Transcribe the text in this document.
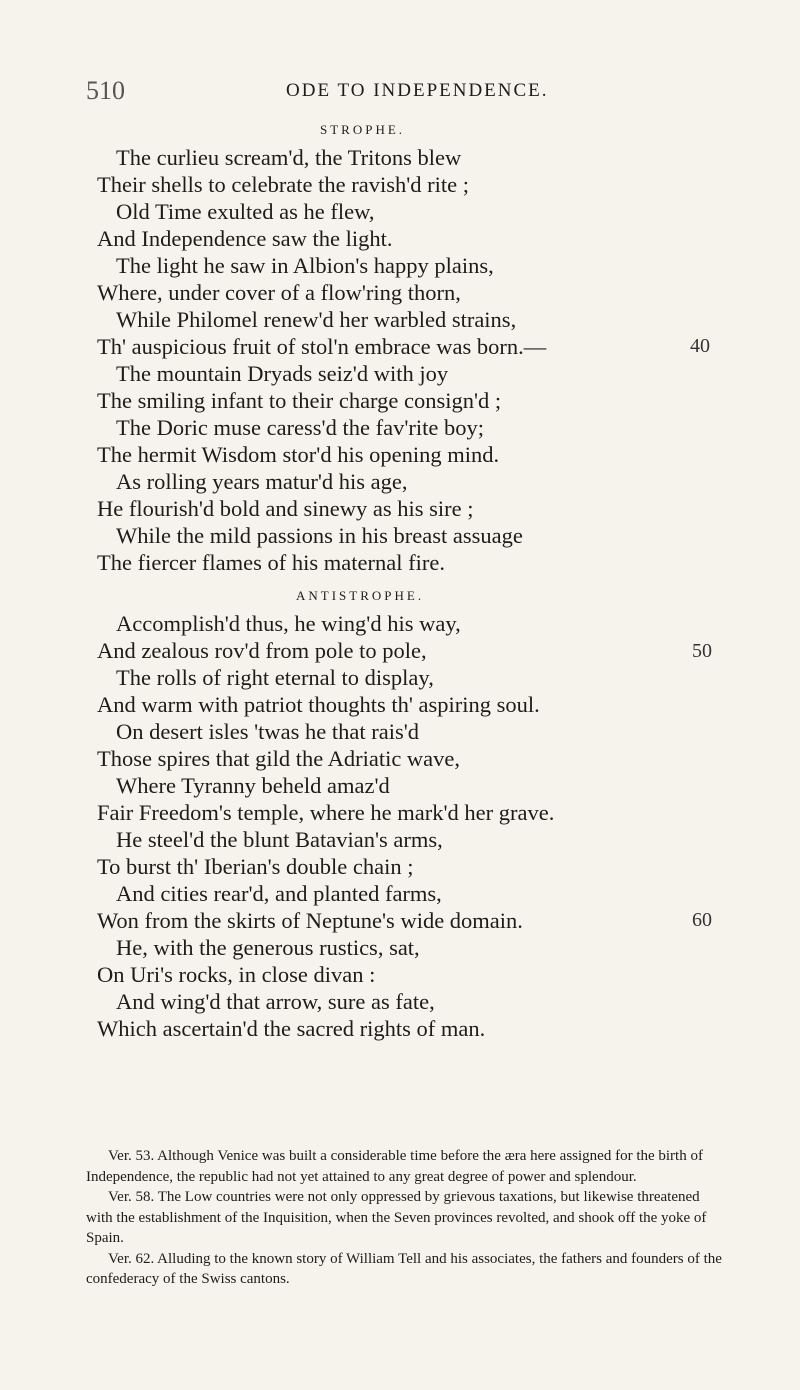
510	ODE TO INDEPENDENCE.
STROPHE.
The curlieu scream'd, the Tritons blew
Their shells to celebrate the ravish'd rite ;
Old Time exulted as he flew,
And Independence saw the light.
The light he saw in Albion's happy plains,
Where, under cover of a flow'ring thorn,
While Philomel renew'd her warbled strains,
Th' auspicious fruit of stol'n embrace was born.—
The mountain Dryads seiz'd with joy
The smiling infant to their charge consign'd ;
The Doric muse caress'd the fav'rite boy;
The hermit Wisdom stor'd his opening mind.
As rolling years matur'd his age,
He flourish'd bold and sinewy as his sire ;
While the mild passions in his breast assuage
The fiercer flames of his maternal fire.
ANTISTROPHE.
Accomplish'd thus, he wing'd his way,
And zealous rov'd from pole to pole,
The rolls of right eternal to display,
And warm with patriot thoughts th' aspiring soul.
On desert isles 'twas he that rais'd
Those spires that gild the Adriatic wave,
Where Tyranny beheld amaz'd
Fair Freedom's temple, where he mark'd her grave.
He steel'd the blunt Batavian's arms,
To burst th' Iberian's double chain ;
And cities rear'd, and planted farms,
Won from the skirts of Neptune's wide domain.
He, with the generous rustics, sat,
On Uri's rocks, in close divan :
And wing'd that arrow, sure as fate,
Which ascertain'd the sacred rights of man.
40
50
60

Ver. 53. Although Venice was built a considerable time before the æra here assigned for the birth of Independence, the republic had not yet attained to any great degree of power and splendour.

Ver. 58. The Low countries were not only oppressed by grievous taxations, but likewise threatened with the establishment of the Inquisition, when the Seven provinces revolted, and shook off the yoke of Spain.

Ver. 62. Alluding to the known story of William Tell and his associates, the fathers and founders of the confederacy of the Swiss cantons.
